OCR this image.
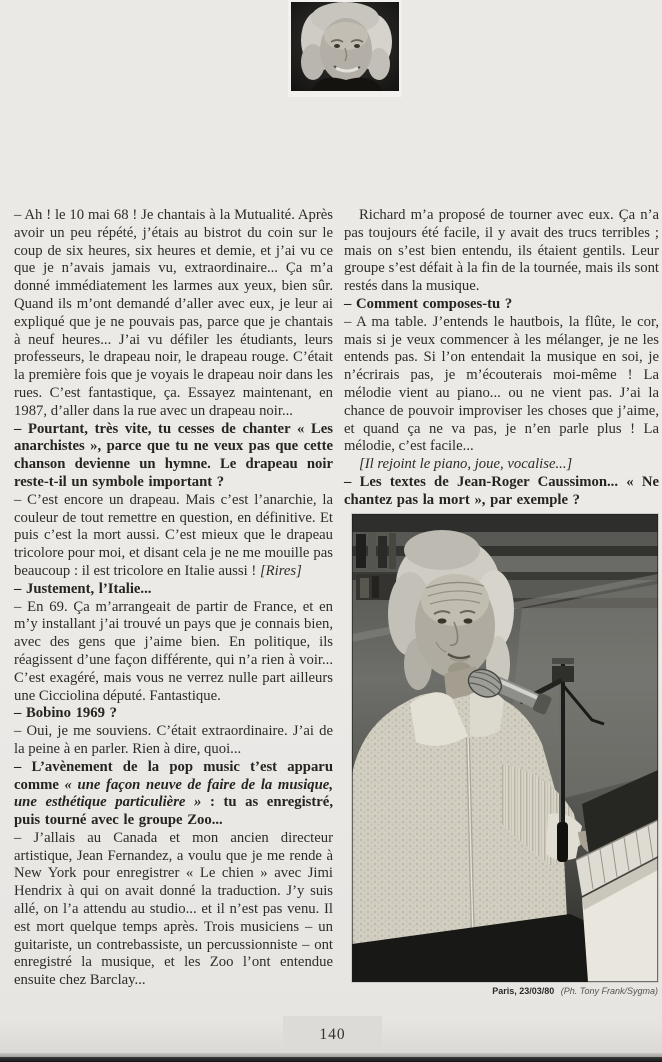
– Ah ! le 10 mai 68 ! Je chantais à la Mutualité. Après avoir un peu répété, j’étais au bistrot du coin sur le coup de six heures, six heures et demie, et j’ai vu ce que je n’avais jamais vu, extraordinaire... Ça m’a donné immédiatement les larmes aux yeux, bien sûr. Quand ils m’ont demandé d’aller avec eux, je leur ai expliqué que je ne pouvais pas, parce que je chantais à neuf heures... J’ai vu défiler les étudiants, leurs professeurs, le drapeau noir, le drapeau rouge. C’était la première fois que je voyais le drapeau noir dans les rues. C’est fantastique, ça. Essayez maintenant, en 1987, d’aller dans la rue avec un drapeau noir...

– Pourtant, très vite, tu cesses de chanter « Les anarchistes », parce que tu ne veux pas que cette chanson devienne un hymne. Le drapeau noir reste-t-il un symbole important ?

– C’est encore un drapeau. Mais c’est l’anarchie, la couleur de tout remettre en question, en définitive. Et puis c’est la mort aussi. C’est mieux que le drapeau tricolore pour moi, et disant cela je ne me mouille pas beaucoup : il est tricolore en Italie aussi ! [Rires]

– Justement, l’Italie...

– En 69. Ça m’arrangeait de partir de France, et en m’y installant j’ai trouvé un pays que je connais bien, avec des gens que j’aime bien. En politique, ils réagissent d’une façon différente, qui n’a rien à voir... C’est exagéré, mais vous ne verrez nulle part ailleurs une Cicciolina député. Fantastique.

– Bobino 1969 ?

– Oui, je me souviens. C’était extraordinaire. J’ai de la peine à en parler. Rien à dire, quoi...

– L’avènement de la pop music t’est apparu comme « une façon neuve de faire de la musique, une esthétique particulière » : tu as enregistré, puis tourné avec le groupe Zoo...

– J’allais au Canada et mon ancien directeur artistique, Jean Fernandez, a voulu que je me rende à New York pour enregistrer « Le chien » avec Jimi Hendrix à qui on avait donné la traduction. J’y suis allé, on l’a attendu au studio... et il n’est pas venu. Il est mort quelque temps après. Trois musiciens – un guitariste, un contrebassiste, un percussionniste – ont enregistré la musique, et les Zoo l’ont entendue ensuite chez Barclay...

Richard m’a proposé de tourner avec eux. Ça n’a pas toujours été facile, il y avait des trucs terribles ; mais on s’est bien entendu, ils étaient gentils. Leur groupe s’est défait à la fin de la tournée, mais ils sont restés dans la musique.

– Comment composes-tu ?

– A ma table. J’entends le hautbois, la flûte, le cor, mais si je veux commencer à les mélanger, je ne les entends pas. Si l’on entendait la musique en soi, je n’écrirais pas, je m’écouterais moi-même ! La mélodie vient au piano... ou ne vient pas. J’ai la chance de pouvoir improviser les choses que j’aime, et quand ça ne va pas, je n’en parle plus ! La mélodie, c’est facile...

[Il rejoint le piano, joue, vocalise...]

– Les textes de Jean-Roger Caussimon... « Ne chantez pas la mort », par exemple ?

Paris, 23/03/80 (Ph. Tony Frank/Sygma)
140
